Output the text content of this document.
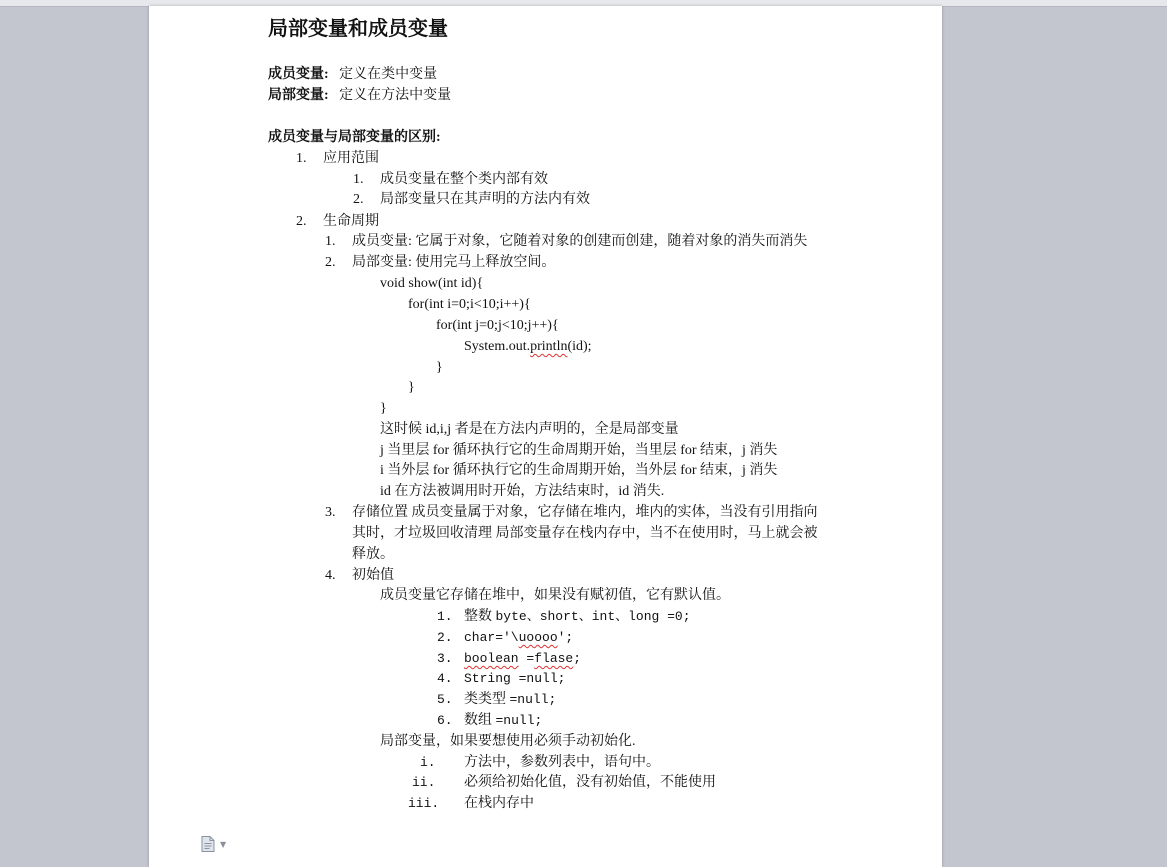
局部变量和成员变量
成员变量: 定义在类中变量
局部变量: 定义在方法中变量
成员变量与局部变量的区别:
1. 应用范围
1. 成员变量在整个类内部有效
2. 局部变量只在其声明的方法内有效
2. 生命周期
1. 成员变量: 它属于对象，它随着对象的创建而创建，随着对象的消失而消失
2. 局部变量: 使用完马上释放空间。
void show(int id){
for(int i=0;i<10;i++){
for(int j=0;j<10;j++){
System.out.println(id);
}
}
}
这时候 id,i,j 者是在方法内声明的，全是局部变量
j 当里层 for 循环执行它的生命周期开始，当里层 for 结束，j 消失
i 当外层 for 循环执行它的生命周期开始，当外层 for 结束，j 消失
id 在方法被调用时开始，方法结束时，id 消失.
3. 存储位置 成员变量属于对象，它存储在堆内，堆内的实体，当没有引用指向
其时，才垃圾回收清理 局部变量存在栈内存中，当不在使用时，马上就会被
释放。
4. 初始值
成员变量它存储在堆中，如果没有赋初值，它有默认值。
1. 整数 byte、short、int、long =0;
2. char='\uoooo';
3. boolean =flase;
4. String =null;
5. 类类型 =null;
6. 数组 =null;
局部变量，如果要想使用必须手动初始化.
i. 方法中，参数列表中，语句中。
ii. 必须给初始化值，没有初始值，不能使用
iii. 在栈内存中
▼
